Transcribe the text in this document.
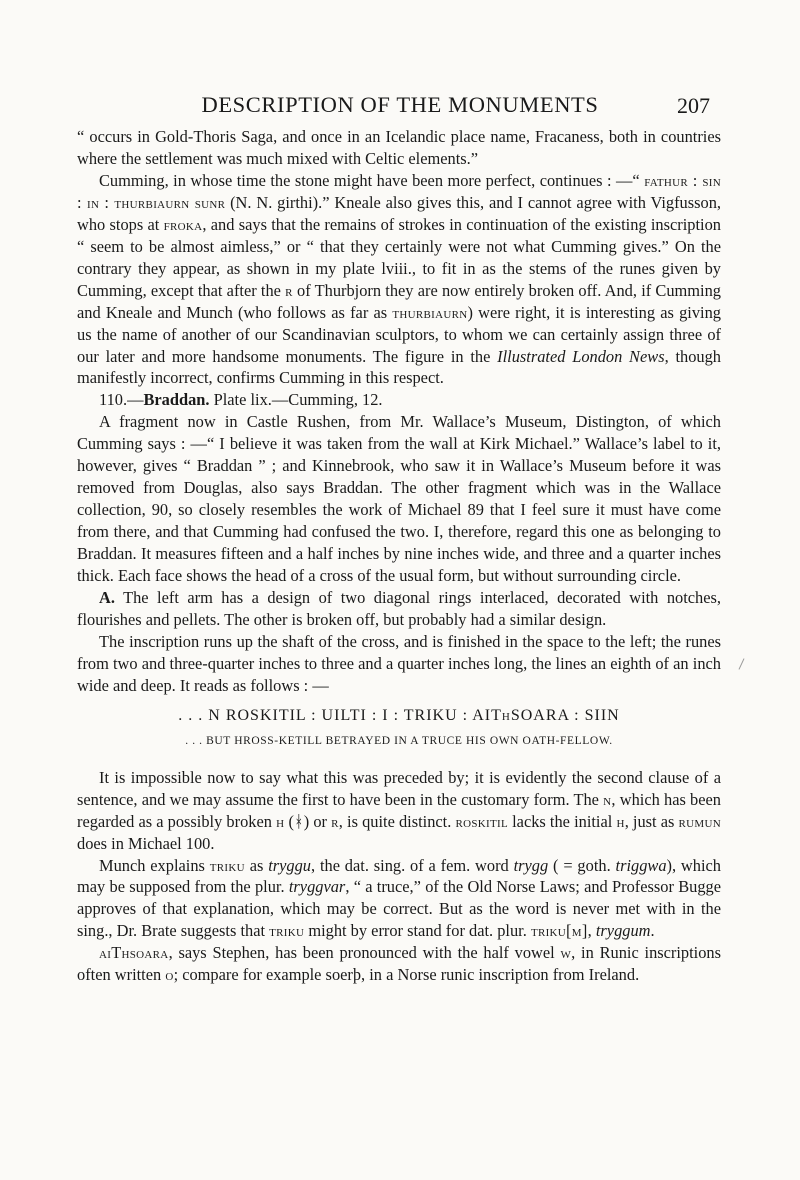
DESCRIPTION OF THE MONUMENTS	207

“ occurs in Gold-Thoris Saga, and once in an Icelandic place name, Fracaness, both in countries where the settlement was much mixed with Celtic elements.”

Cumming, in whose time the stone might have been more perfect, continues : —“ fathur : sin : in : thurbiaurn sunr (N. N. girthi).” Kneale also gives this, and I cannot agree with Vigfusson, who stops at froka, and says that the remains of strokes in continuation of the existing inscription “ seem to be almost aimless,” or “ that they certainly were not what Cumming gives.” On the contrary they appear, as shown in my plate lviii., to fit in as the stems of the runes given by Cumming, except that after the r of Thurbjorn they are now entirely broken off. And, if Cumming and Kneale and Munch (who follows as far as thurbiaurn) were right, it is interesting as giving us the name of another of our Scandinavian sculptors, to whom we can certainly assign three of our later and more handsome monuments. The figure in the Illustrated London News, though manifestly incorrect, confirms Cumming in this respect.

110.—Braddan. Plate lix.—Cumming, 12.

A fragment now in Castle Rushen, from Mr. Wallace’s Museum, Distington, of which Cumming says : —“ I believe it was taken from the wall at Kirk Michael.” Wallace’s label to it, however, gives “ Braddan ” ; and Kinnebrook, who saw it in Wallace’s Museum before it was removed from Douglas, also says Braddan. The other fragment which was in the Wallace collection, 90, so closely resembles the work of Michael 89 that I feel sure it must have come from there, and that Cumming had confused the two. I, therefore, regard this one as belonging to Braddan. It measures fifteen and a half inches by nine inches wide, and three and a quarter inches thick. Each face shows the head of a cross of the usual form, but without surrounding circle.

A. The left arm has a design of two diagonal rings interlaced, decorated with notches, flourishes and pellets. The other is broken off, but probably had a similar design.

The inscription runs up the shaft of the cross, and is finished in the space to the left; the runes from two and three-quarter inches to three and a quarter inches long, the lines an eighth of an inch wide and deep. It reads as follows : —

. . . N ROSKITIL : UILTI : I : TRIKU : AIThSOARA : SIIN
. . . BUT HROSS-KETILL BETRAYED IN A TRUCE HIS OWN OATH-FELLOW.

It is impossible now to say what this was preceded by; it is evidently the second clause of a sentence, and we may assume the first to have been in the customary form. The n, which has been regarded as a possibly broken h (ᚼ) or r, is quite distinct. roskitil lacks the initial h, just as rumun does in Michael 100.

Munch explains triku as tryggu, the dat. sing. of a fem. word trygg ( = goth. triggwa), which may be supposed from the plur. tryggvar, “ a truce,” of the Old Norse Laws; and Professor Bugge approves of that explanation, which may be correct. But as the word is never met with in the sing., Dr. Brate suggests that triku might by error stand for dat. plur. triku[m], tryggum.

aiThsoara, says Stephen, has been pronounced with the half vowel w, in Runic inscriptions often written o; compare for example soerþ, in a Norse runic inscription from Ireland.
